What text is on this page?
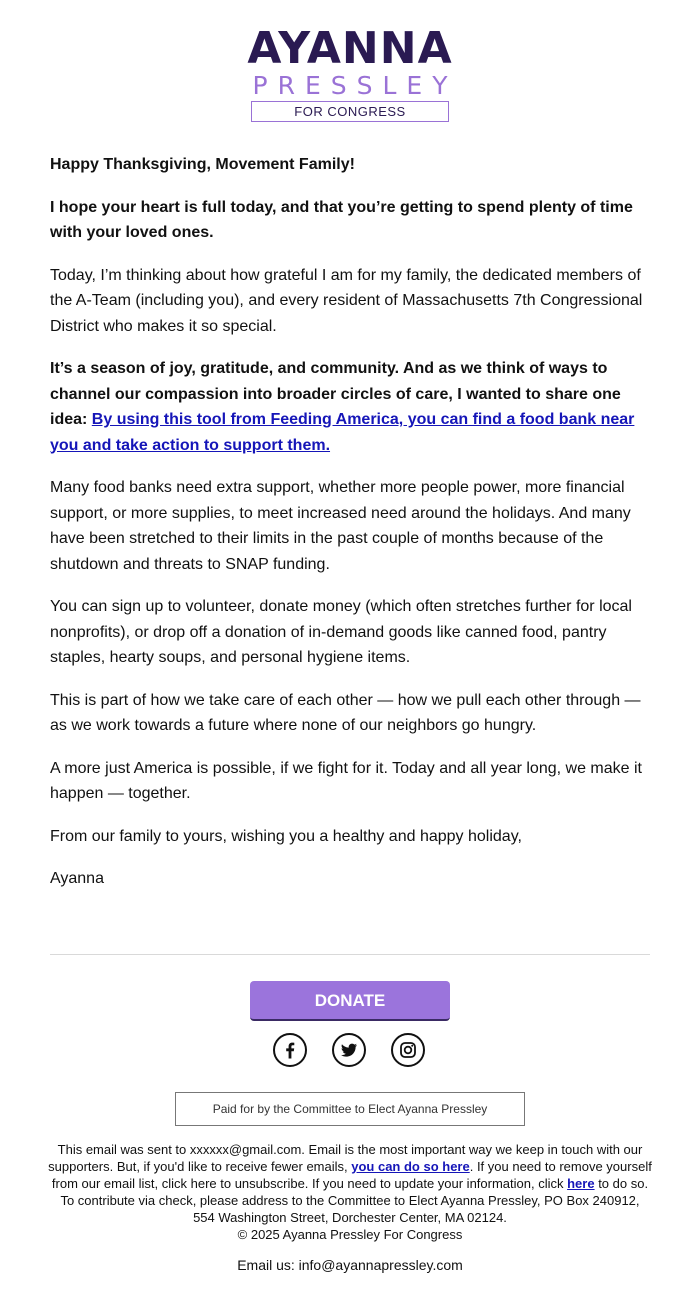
AYANNA
PRESSLEY
FOR CONGRESS

Happy Thanksgiving, Movement Family!

I hope your heart is full today, and that you’re getting to spend plenty of time with your loved ones.

Today, I’m thinking about how grateful I am for my family, the dedicated members of the A-Team (including you), and every resident of Massachusetts 7th Congressional District who makes it so special.

It’s a season of joy, gratitude, and community. And as we think of ways to channel our compassion into broader circles of care, I wanted to share one idea: By using this tool from Feeding America, you can find a food bank near you and take action to support them.

Many food banks need extra support, whether more people power, more financial support, or more supplies, to meet increased need around the holidays. And many have been stretched to their limits in the past couple of months because of the shutdown and threats to SNAP funding.

You can sign up to volunteer, donate money (which often stretches further for local nonprofits), or drop off a donation of in-demand goods like canned food, pantry staples, hearty soups, and personal hygiene items.

This is part of how we take care of each other — how we pull each other through — as we work towards a future where none of our neighbors go hungry.

A more just America is possible, if we fight for it. Today and all year long, we make it happen — together.

From our family to yours, wishing you a healthy and happy holiday,

Ayanna

DONATE
Paid for by the Committee to Elect Ayanna Pressley
This email was sent to xxxxxx@gmail.com. Email is the most important way we keep in touch with our supporters. But, if you'd like to receive fewer emails, you can do so here. If you need to remove yourself from our email list, click here to unsubscribe. If you need to update your information, click here to do so. To contribute via check, please address to the Committee to Elect Ayanna Pressley, PO Box 240912, 554 Washington Street, Dorchester Center, MA 02124.
© 2025 Ayanna Pressley For Congress
Email us: info@ayannapressley.com
